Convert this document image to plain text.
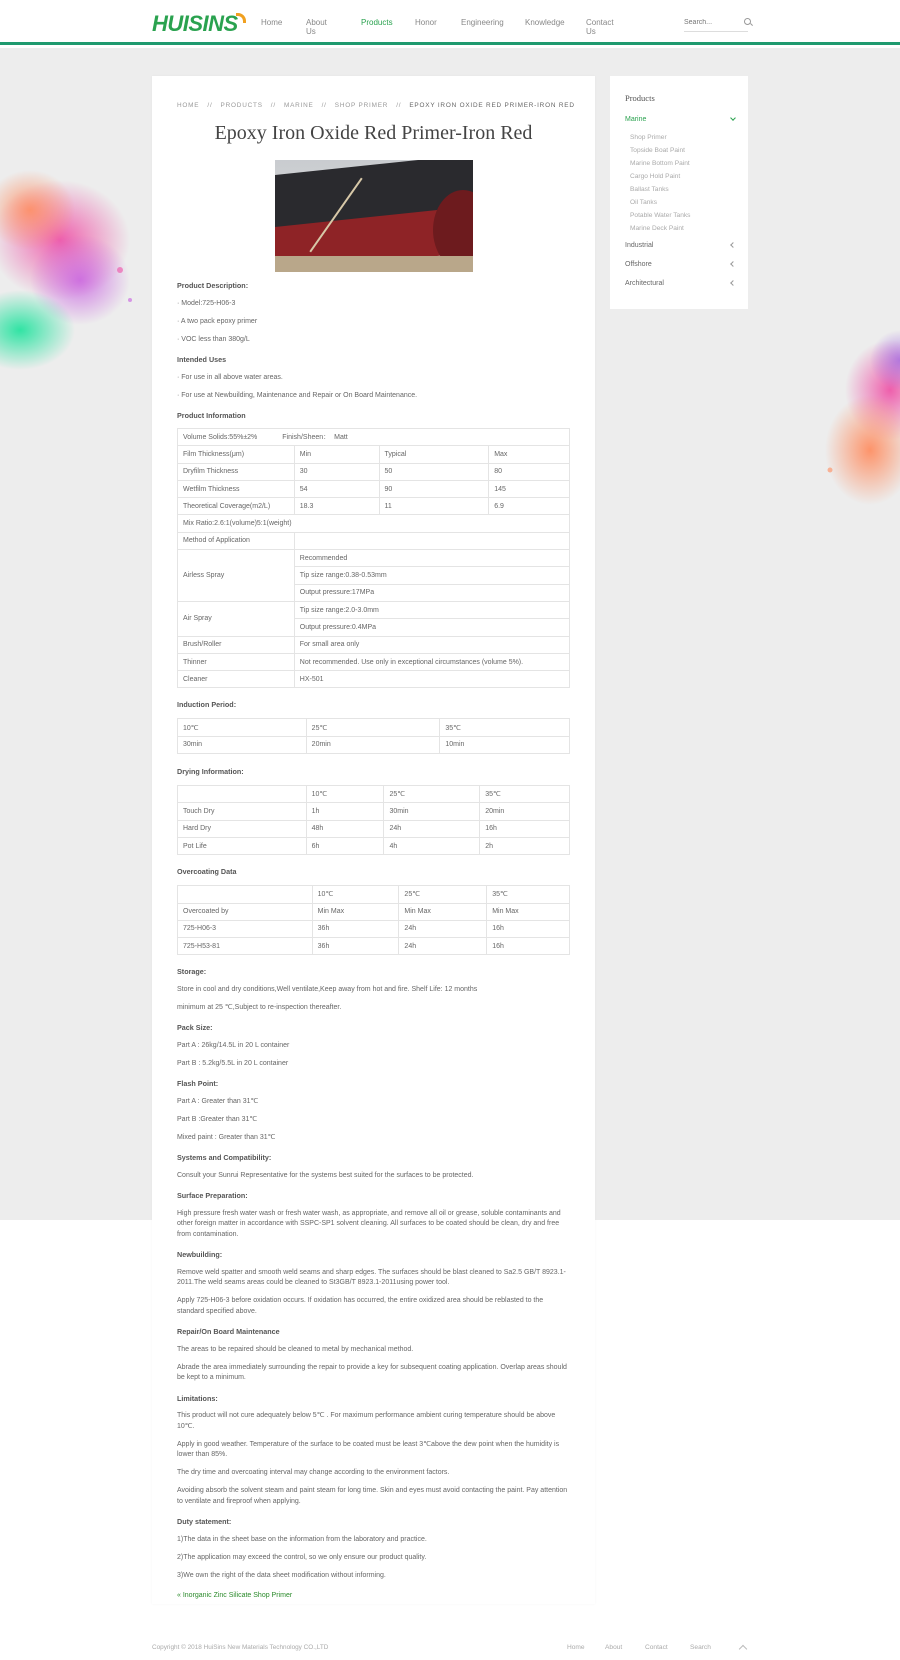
HUISINS	Home	About Us
Products	Honor	Engineering	Knowledge	Contact Us
Search...
HOME // PRODUCTS // MARINE // SHOP PRIMER // EPOXY IRON OXIDE RED PRIMER-IRON RED
Epoxy Iron Oxide Red Primer-Iron Red
Product Description:
· Model:725-H06-3
· A two pack epoxy primer
· VOC less than 380g/L
Intended Uses
· For use in all above water areas.
· For use at Newbuilding, Maintenance and Repair or On Board Maintenance.
Product Information
Volume Solids:55%±2% Finish/Sheen： Matt			
Film Thickness(μm)	Min	Typical	Max
Dryfilm Thickness	30	50	80
Wetfilm Thickness	54	90	145
Theoretical Coverage(m2/L)	18.3	11	6.9
Mix Ratio:2.6:1(volume)5:1(weight)			
Method of Application			
Airless Spray	Recommended		
	Tip size range:0.38-0.53mm		
	Output pressure:17MPa		
Air Spray	Tip size range:2.0-3.0mm		
	Output pressure:0.4MPa		
Brush/Roller	For small area only		
Thinner	Not recommended. Use only in exceptional circumstances (volume 5%).		
Cleaner	HX-501		
Induction Period:
10℃	25℃	35℃
30min	20min	10min
Drying Information:
	10℃	25℃	35℃
Touch Dry	1h	30min	20min
Hard Dry	48h	24h	16h
Pot Life	6h	4h	2h
Overcoating Data
	10℃	25℃	35℃
Overcoated by	Min Max	Min Max	Min Max
725-H06-3	36h	24h	16h
725-H53-81	36h	24h	16h
Storage:
Store in cool and dry conditions,Well ventilate,Keep away from hot and fire. Shelf Life: 12 months
minimum at 25 ℃,Subject to re-inspection thereafter.
Pack Size:
Part A : 26kg/14.5L in 20 L container
Part B : 5.2kg/5.5L in 20 L container
Flash Point:
Part A : Greater than 31℃
Part B :Greater than 31℃
Mixed paint : Greater than 31℃
Systems and Compatibility:
Consult your Sunrui Representative for the systems best suited for the surfaces to be protected.
Surface Preparation:
High pressure fresh water wash or fresh water wash, as appropriate, and remove all oil or grease, soluble contaminants and other foreign matter in accordance with SSPC-SP1 solvent cleaning. All surfaces to be coated should be clean, dry and free from contamination.
Newbuilding:
Remove weld spatter and smooth weld seams and sharp edges. The surfaces should be blast cleaned to Sa2.5 GB/T 8923.1-2011.The weld seams areas could be cleaned to St3GB/T 8923.1-2011using power tool.
Apply 725-H06-3 before oxidation occurs. If oxidation has occurred, the entire oxidized area should be reblasted to the standard specified above.
Repair/On Board Maintenance
The areas to be repaired should be cleaned to metal by mechanical method.
Abrade the area immediately surrounding the repair to provide a key for subsequent coating application. Overlap areas should be kept to a minimum.
Limitations:
This product will not cure adequately below 5℃ . For maximum performance ambient curing temperature should be above 10℃.
Apply in good weather. Temperature of the surface to be coated must be least 3℃above the dew point when the humidity is lower than 85%.
The dry time and overcoating interval may change according to the environment factors.
Avoiding absorb the solvent steam and paint steam for long time. Skin and eyes must avoid contacting the paint. Pay attention to ventilate and fireproof when applying.
Duty statement:
1)The data in the sheet base on the information from the laboratory and practice.
2)The application may exceed the control, so we only ensure our product quality.
3)We own the right of the data sheet modification without informing.
« Inorganic Zinc Silicate Shop Primer
Products
Marine
Shop Primer
Topside Boat Paint
Marine Bottom Paint
Cargo Hold Paint
Ballast Tanks
Oil Tanks
Potable Water Tanks
Marine Deck Paint
Industrial
Offshore
Architectural
Copyright © 2018 HuiSins New Materials Technology CO.,LTD	Home	About	Contact	Search
